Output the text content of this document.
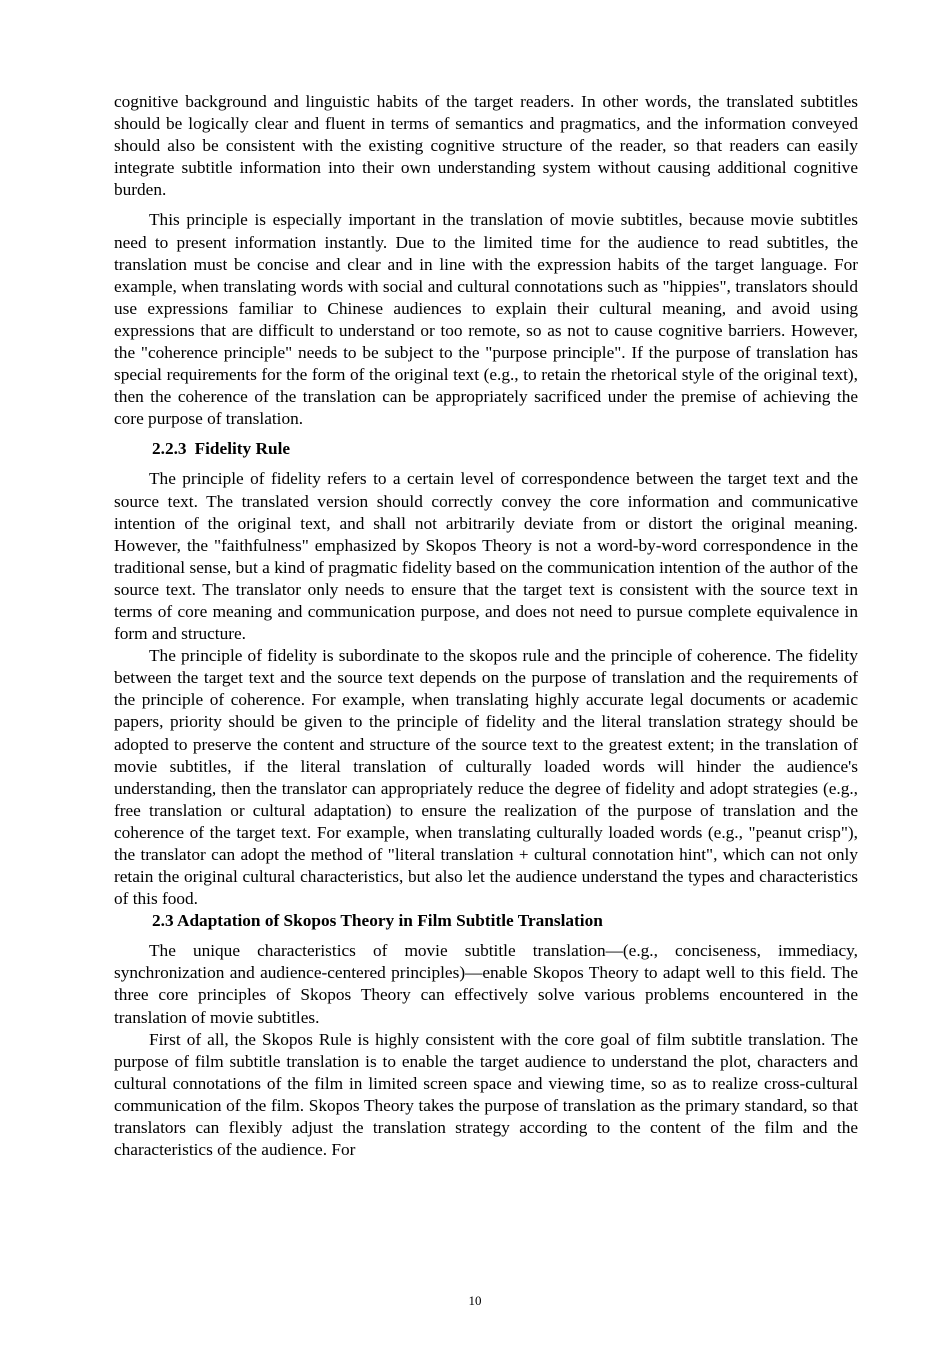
cognitive background and linguistic habits of the target readers. In other words, the translated subtitles should be logically clear and fluent in terms of semantics and pragmatics, and the information conveyed should also be consistent with the existing cognitive structure of the reader, so that readers can easily integrate subtitle information into their own understanding system without causing additional cognitive burden.

This principle is especially important in the translation of movie subtitles, because movie subtitles need to present information instantly. Due to the limited time for the audience to read subtitles, the translation must be concise and clear and in line with the expression habits of the target language. For example, when translating words with social and cultural connotations such as "hippies", translators should use expressions familiar to Chinese audiences to explain their cultural meaning, and avoid using expressions that are difficult to understand or too remote, so as not to cause cognitive barriers. However, the "coherence principle" needs to be subject to the "purpose principle". If the purpose of translation has special requirements for the form of the original text (e.g., to retain the rhetorical style of the original text), then the coherence of the translation can be appropriately sacrificed under the premise of achieving the core purpose of translation.

2.2.3 Fidelity Rule

The principle of fidelity refers to a certain level of correspondence between the target text and the source text. The translated version should correctly convey the core information and communicative intention of the original text, and shall not arbitrarily deviate from or distort the original meaning. However, the "faithfulness" emphasized by Skopos Theory is not a word-by-word correspondence in the traditional sense, but a kind of pragmatic fidelity based on the communication intention of the author of the source text. The translator only needs to ensure that the target text is consistent with the source text in terms of core meaning and communication purpose, and does not need to pursue complete equivalence in form and structure.

The principle of fidelity is subordinate to the skopos rule and the principle of coherence. The fidelity between the target text and the source text depends on the purpose of translation and the requirements of the principle of coherence. For example, when translating highly accurate legal documents or academic papers, priority should be given to the principle of fidelity and the literal translation strategy should be adopted to preserve the content and structure of the source text to the greatest extent; in the translation of movie subtitles, if the literal translation of culturally loaded words will hinder the audience's understanding, then the translator can appropriately reduce the degree of fidelity and adopt strategies (e.g., free translation or cultural adaptation) to ensure the realization of the purpose of translation and the coherence of the target text. For example, when translating culturally loaded words (e.g., "peanut crisp"), the translator can adopt the method of "literal translation + cultural connotation hint", which can not only retain the original cultural characteristics, but also let the audience understand the types and characteristics of this food.

2.3 Adaptation of Skopos Theory in Film Subtitle Translation

The unique characteristics of movie subtitle translation—(e.g., conciseness, immediacy, synchronization and audience-centered principles)—enable Skopos Theory to adapt well to this field. The three core principles of Skopos Theory can effectively solve various problems encountered in the translation of movie subtitles.

First of all, the Skopos Rule is highly consistent with the core goal of film subtitle translation. The purpose of film subtitle translation is to enable the target audience to understand the plot, characters and cultural connotations of the film in limited screen space and viewing time, so as to realize cross-cultural communication of the film. Skopos Theory takes the purpose of translation as the primary standard, so that translators can flexibly adjust the translation strategy according to the content of the film and the characteristics of the audience. For

10
